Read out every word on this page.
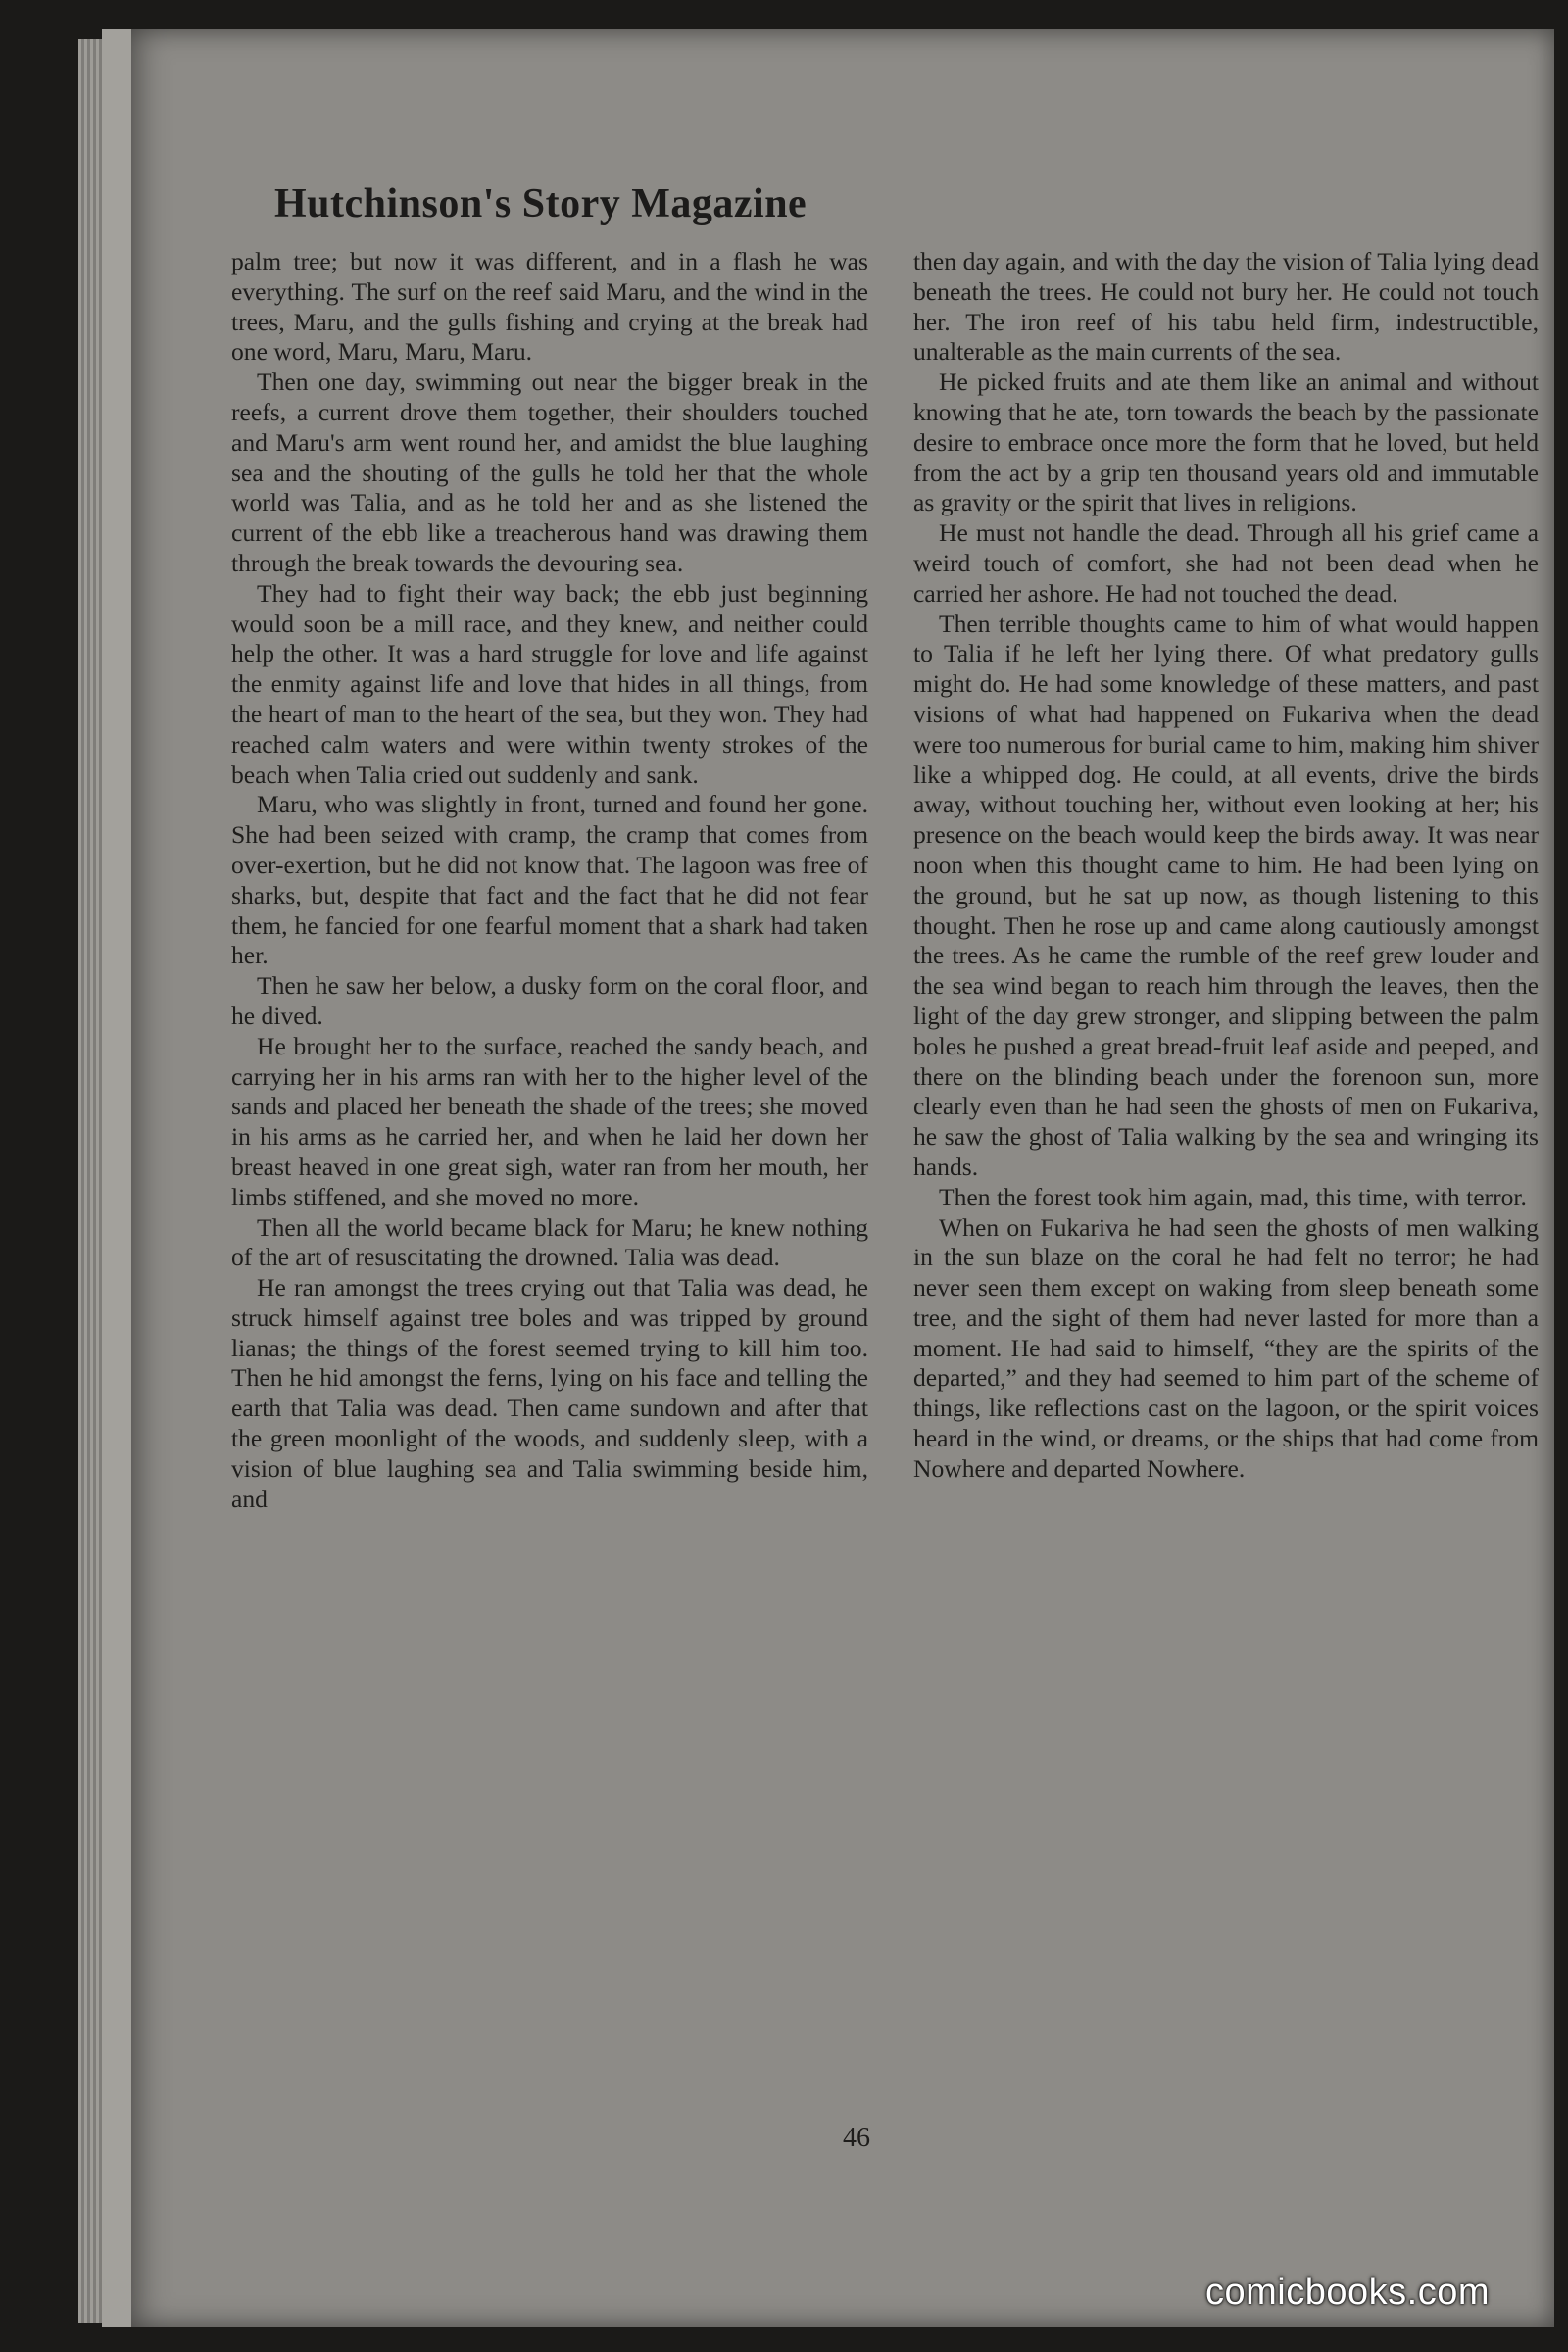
Hutchinson's Story Magazine

palm tree; but now it was different, and in a flash he was everything. The surf on the reef said Maru, and the wind in the trees, Maru, and the gulls fishing and crying at the break had one word, Maru, Maru, Maru.

Then one day, swimming out near the bigger break in the reefs, a current drove them together, their shoulders touched and Maru's arm went round her, and amidst the blue laughing sea and the shouting of the gulls he told her that the whole world was Talia, and as he told her and as she listened the current of the ebb like a treacherous hand was drawing them through the break towards the devouring sea.

They had to fight their way back; the ebb just beginning would soon be a mill race, and they knew, and neither could help the other. It was a hard struggle for love and life against the enmity against life and love that hides in all things, from the heart of man to the heart of the sea, but they won. They had reached calm waters and were within twenty strokes of the beach when Talia cried out suddenly and sank.

Maru, who was slightly in front, turned and found her gone. She had been seized with cramp, the cramp that comes from over-exertion, but he did not know that. The lagoon was free of sharks, but, despite that fact and the fact that he did not fear them, he fancied for one fearful moment that a shark had taken her.

Then he saw her below, a dusky form on the coral floor, and he dived.

He brought her to the surface, reached the sandy beach, and carrying her in his arms ran with her to the higher level of the sands and placed her beneath the shade of the trees; she moved in his arms as he carried her, and when he laid her down her breast heaved in one great sigh, water ran from her mouth, her limbs stiffened, and she moved no more.

Then all the world became black for Maru; he knew nothing of the art of resuscitating the drowned. Talia was dead.

He ran amongst the trees crying out that Talia was dead, he struck himself against tree boles and was tripped by ground lianas; the things of the forest seemed trying to kill him too. Then he hid amongst the ferns, lying on his face and telling the earth that Talia was dead. Then came sundown and after that the green moonlight of the woods, and suddenly sleep, with a vision of blue laughing sea and Talia swimming beside him, and

then day again, and with the day the vision of Talia lying dead beneath the trees. He could not bury her. He could not touch her. The iron reef of his tabu held firm, indestructible, unalterable as the main currents of the sea.

He picked fruits and ate them like an animal and without knowing that he ate, torn towards the beach by the passionate desire to embrace once more the form that he loved, but held from the act by a grip ten thousand years old and immutable as gravity or the spirit that lives in religions.

He must not handle the dead. Through all his grief came a weird touch of comfort, she had not been dead when he carried her ashore. He had not touched the dead.

Then terrible thoughts came to him of what would happen to Talia if he left her lying there. Of what predatory gulls might do. He had some knowledge of these matters, and past visions of what had happened on Fukariva when the dead were too numerous for burial came to him, making him shiver like a whipped dog. He could, at all events, drive the birds away, without touching her, without even looking at her; his presence on the beach would keep the birds away. It was near noon when this thought came to him. He had been lying on the ground, but he sat up now, as though listening to this thought. Then he rose up and came along cautiously amongst the trees. As he came the rumble of the reef grew louder and the sea wind began to reach him through the leaves, then the light of the day grew stronger, and slipping between the palm boles he pushed a great bread-fruit leaf aside and peeped, and there on the blinding beach under the forenoon sun, more clearly even than he had seen the ghosts of men on Fukariva, he saw the ghost of Talia walking by the sea and wringing its hands.

Then the forest took him again, mad, this time, with terror.

When on Fukariva he had seen the ghosts of men walking in the sun blaze on the coral he had felt no terror; he had never seen them except on waking from sleep beneath some tree, and the sight of them had never lasted for more than a moment. He had said to himself, “they are the spirits of the departed,” and they had seemed to him part of the scheme of things, like reflections cast on the lagoon, or the spirit voices heard in the wind, or dreams, or the ships that had come from Nowhere and departed Nowhere.

46
comicbooks.com
